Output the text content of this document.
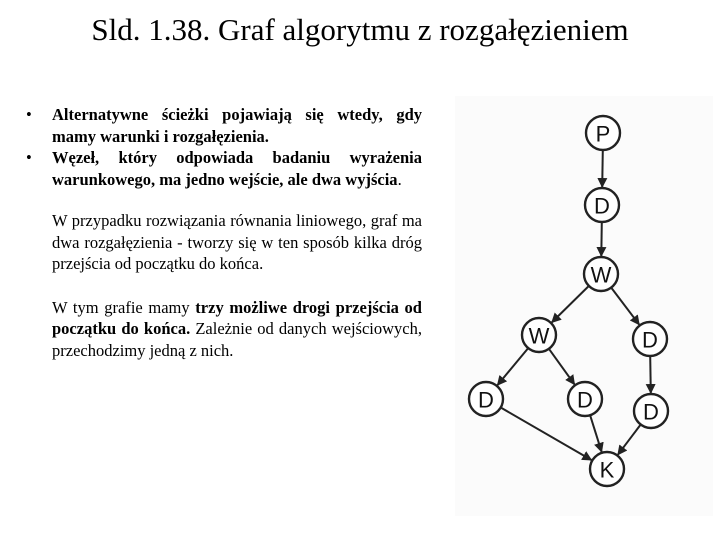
Sld. 1.38. Graf algorytmu z rozgałęzieniem
• Alternatywne ścieżki pojawiają się wtedy, gdy mamy warunki i rozgałęzienia.
• Węzeł, który odpowiada badaniu wyrażenia warunkowego, ma jedno wejście, ale dwa wyjścia.

W przypadku rozwiązania równania liniowego, graf ma dwa rozgałęzienia - tworzy się w ten sposób kilka dróg przejścia od początku do końca.

W tym grafie mamy trzy możliwe drogi przejścia od początku do końca. Zależnie od danych wejściowych, przechodzimy jedną z nich.

P
D
W
W	D
D	D D
K
